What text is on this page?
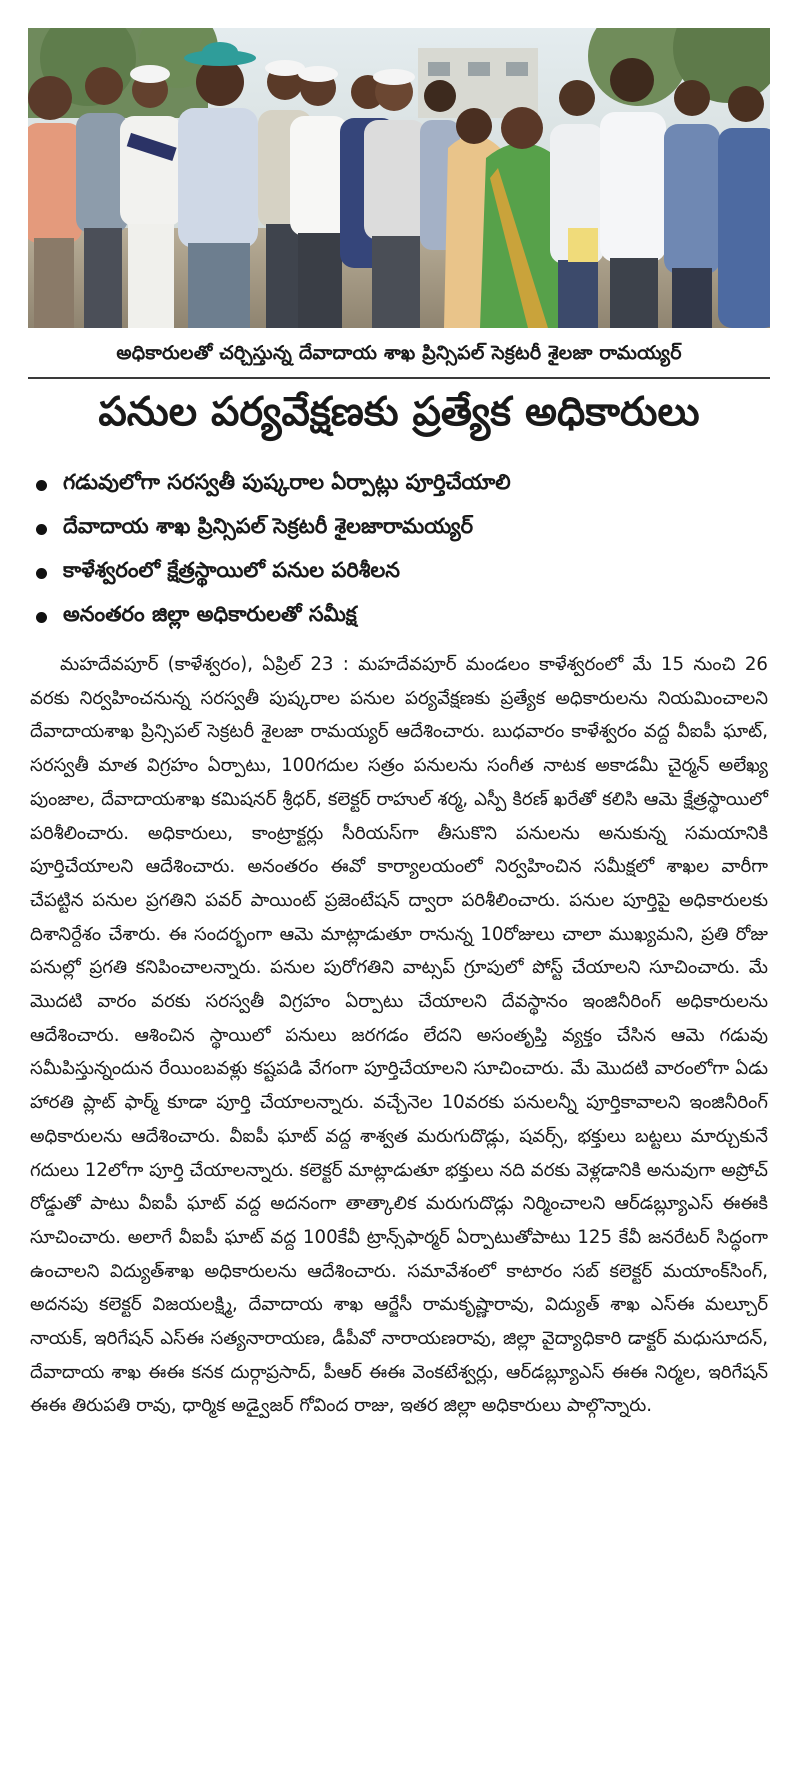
అధికారులతో చర్చిస్తున్న దేవాదాయ శాఖ ప్రిన్సిపల్ సెక్రటరీ శైలజా రామయ్యర్
పనుల పర్యవేక్షణకు ప్రత్యేక అధికారులు
గడువులోగా సరస్వతీ పుష్కరాల ఏర్పాట్లు పూర్తిచేయాలి
దేవాదాయ శాఖ ప్రిన్సిపల్ సెక్రటరీ శైలజారామయ్యర్
కాళేశ్వరంలో క్షేత్రస్థాయిలో పనుల పరిశీలన
అనంతరం జిల్లా అధికారులతో సమీక్ష

మహదేవపూర్ (కాళేశ్వరం), ఏప్రిల్ 23 : మహదేవపూర్ మండలం కాళేశ్వరంలో మే 15 నుంచి 26 వరకు నిర్వహించనున్న సరస్వతీ పుష్కరాల పనుల పర్యవేక్షణకు ప్రత్యేక అధికారులను నియమించాలని దేవాదాయశాఖ ప్రిన్సిపల్ సెక్రటరీ శైలజా రామయ్యర్ ఆదేశించారు. బుధవారం కాళేశ్వరం వద్ద వీఐపీ ఘాట్, సరస్వతీ మాత విగ్రహం ఏర్పాటు, 100గదుల సత్రం పనులను సంగీత నాటక అకాడమీ చైర్మన్ అలేఖ్య పుంజాల, దేవాదాయశాఖ కమిషనర్ శ్రీధర్, కలెక్టర్ రాహుల్ శర్మ, ఎస్పీ కిరణ్ ఖరేతో కలిసి ఆమె క్షేత్రస్థాయిలో పరిశీలించారు. అధికారులు, కాంట్రాక్టర్లు సీరియస్‌గా తీసుకొని పనులను అనుకున్న సమయానికి పూర్తిచేయాలని ఆదేశించారు. అనంతరం ఈవో కార్యాలయంలో నిర్వహించిన సమీక్షలో శాఖల వారీగా చేపట్టిన పనుల ప్రగతిని పవర్ పాయింట్ ప్రజెంటేషన్ ద్వారా పరిశీలించారు. పనుల పూర్తిపై అధికారులకు దిశానిర్దేశం చేశారు. ఈ సందర్భంగా ఆమె మాట్లాడుతూ రానున్న 10రోజులు చాలా ముఖ్యమని, ప్రతి రోజు పనుల్లో ప్రగతి కనిపించాలన్నారు. పనుల పురోగతిని వాట్సప్ గ్రూపులో పోస్ట్ చేయాలని సూచించారు. మే మొదటి వారం వరకు సరస్వతీ విగ్రహం ఏర్పాటు చేయాలని దేవస్థానం ఇంజినీరింగ్ అధికారులను ఆదేశించారు. ఆశించిన స్థాయిలో పనులు జరగడం లేదని అసంతృప్తి వ్యక్తం చేసిన ఆమె గడువు సమీపిస్తున్నందున రేయింబవళ్లు కష్టపడి వేగంగా పూర్తిచేయాలని సూచించారు. మే మొదటి వారంలోగా ఏడు హారతి ప్లాట్ ఫార్మ్ కూడా పూర్తి చేయాలన్నారు. వచ్చేనెల 10వరకు పనులన్నీ పూర్తికావాలని ఇంజినీరింగ్ అధికారులను ఆదేశించారు. వీఐపీ ఘాట్ వద్ద శాశ్వత మరుగుదొడ్లు, షవర్స్, భక్తులు బట్టలు మార్చుకునే గదులు 12లోగా పూర్తి చేయాలన్నారు. కలెక్టర్ మాట్లాడుతూ భక్తులు నది వరకు వెళ్లడానికి అనువుగా అప్రోచ్ రోడ్డుతో పాటు వీఐపీ ఘాట్ వద్ద అదనంగా తాత్కాలిక మరుగుదొడ్లు నిర్మించాలని ఆర్‌డబ్ల్యూఎస్ ఈఈకి సూచించారు. అలాగే వీఐపీ ఘాట్ వద్ద 100కేవీ ట్రాన్స్‌ఫార్మర్ ఏర్పాటుతోపాటు 125 కేవీ జనరేటర్ సిద్ధంగా ఉంచాలని విద్యుత్‌శాఖ అధికారులను ఆదేశించారు. సమావేశంలో కాటారం సబ్ కలెక్టర్ మయాంక్‌సింగ్, అదనపు కలెక్టర్ విజయలక్ష్మి, దేవాదాయ శాఖ ఆర్జేసీ రామకృష్ణారావు, విద్యుత్ శాఖ ఎస్‌ఈ మల్చూర్ నాయక్, ఇరిగేషన్ ఎస్‌ఈ సత్యనారాయణ, డీపీవో నారాయణరావు, జిల్లా వైద్యాధికారి డాక్టర్ మధుసూదన్, దేవాదాయ శాఖ ఈఈ కనక దుర్గాప్రసాద్, పీఆర్ ఈఈ వెంకటేశ్వర్లు, ఆర్‌డబ్ల్యూఎస్ ఈఈ నిర్మల, ఇరిగేషన్ ఈఈ తిరుపతి రావు, ధార్మిక అడ్వైజర్ గోవింద రాజు, ఇతర జిల్లా అధికారులు పాల్గొన్నారు.
